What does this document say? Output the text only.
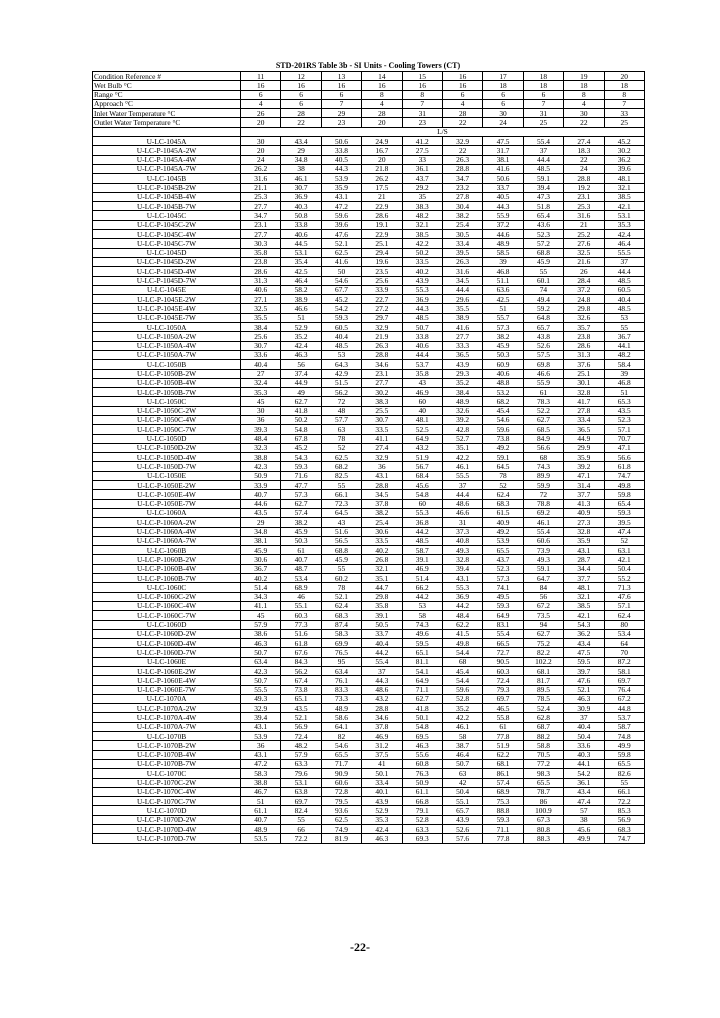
STD-201RS Table 3b - SI Units - Cooling Towers (CT)
Condition Reference #	11	12	13	14	15	16	17	18	19	20
Wet Bulb °C	16	16	16	16	16	16	18	18	18	18
Range °C	6	6	6	8	8	6	6	6	8	8
Approach °C	4	6	7	4	7	4	6	7	4	7
Inlet Water Temperature °C	26	28	29	28	31	28	30	31	30	33
Outlet Water Temperature °C	20	22	23	20	23	22	24	25	22	25
	L/S									
U-LC-1045A	30	43.4	50.6	24.9	41.2	32.9	47.5	55.4	27.4	45.2
U-LC-P-1045A-2W	20	29	33.8	16.7	27.5	22	31.7	37	18.3	30.2
U-LC-P-1045A-4W	24	34.8	40.5	20	33	26.3	38.1	44.4	22	36.2
U-LC-P-1045A-7W	26.2	38	44.3	21.8	36.1	28.8	41.6	48.5	24	39.6
U-LC-1045B	31.6	46.1	53.9	26.2	43.7	34.7	50.6	59.1	28.8	48.1
U-LC-P-1045B-2W	21.1	30.7	35.9	17.5	29.2	23.2	33.7	39.4	19.2	32.1
U-LC-P-1045B-4W	25.3	36.9	43.1	21	35	27.8	40.5	47.3	23.1	38.5
U-LC-P-1045B-7W	27.7	40.3	47.2	22.9	38.3	30.4	44.3	51.8	25.3	42.1
U-LC-1045C	34.7	50.8	59.6	28.6	48.2	38.2	55.9	65.4	31.6	53.1
U-LC-P-1045C-2W	23.1	33.8	39.6	19.1	32.1	25.4	37.2	43.6	21	35.3
U-LC-P-1045C-4W	27.7	40.6	47.6	22.9	38.5	30.5	44.6	52.3	25.2	42.4
U-LC-P-1045C-7W	30.3	44.5	52.1	25.1	42.2	33.4	48.9	57.2	27.6	46.4
U-LC-1045D	35.8	53.1	62.5	29.4	50.2	39.5	58.5	68.8	32.5	55.5
U-LC-P-1045D-2W	23.8	35.4	41.6	19.6	33.5	26.3	39	45.9	21.6	37
U-LC-P-1045D-4W	28.6	42.5	50	23.5	40.2	31.6	46.8	55	26	44.4
U-LC-P-1045D-7W	31.3	46.4	54.6	25.6	43.9	34.5	51.1	60.1	28.4	48.5
U-LC-1045E	40.6	58.2	67.7	33.9	55.3	44.4	63.6	74	37.2	60.5
U-LC-P-1045E-2W	27.1	38.9	45.2	22.7	36.9	29.6	42.5	49.4	24.8	40.4
U-LC-P-1045E-4W	32.5	46.6	54.2	27.2	44.3	35.5	51	59.2	29.8	48.5
U-LC-P-1045E-7W	35.5	51	59.3	29.7	48.5	38.9	55.7	64.8	32.6	53
U-LC-1050A	38.4	52.9	60.5	32.9	50.7	41.6	57.3	65.7	35.7	55
U-LC-P-1050A-2W	25.6	35.2	40.4	21.9	33.8	27.7	38.2	43.8	23.8	36.7
U-LC-P-1050A-4W	30.7	42.4	48.5	26.3	40.6	33.3	45.9	52.6	28.6	44.1
U-LC-P-1050A-7W	33.6	46.3	53	28.8	44.4	36.5	50.3	57.5	31.3	48.2
U-LC-1050B	40.4	56	64.3	34.6	53.7	43.9	60.9	69.8	37.6	58.4
U-LC-P-1050B-2W	27	37.4	42.9	23.1	35.8	29.3	40.6	46.6	25.1	39
U-LC-P-1050B-4W	32.4	44.9	51.5	27.7	43	35.2	48.8	55.9	30.1	46.8
U-LC-P-1050B-7W	35.3	49	56.2	30.2	46.9	38.4	53.2	61	32.8	51
U-LC-1050C	45	62.7	72	38.3	60	48.9	68.2	78.3	41.7	65.3
U-LC-P-1050C-2W	30	41.8	48	25.5	40	32.6	45.4	52.2	27.8	43.5
U-LC-P-1050C-4W	36	50.2	57.7	30.7	48.1	39.2	54.6	62.7	33.4	52.3
U-LC-P-1050C-7W	39.3	54.8	63	33.5	52.5	42.8	59.6	68.5	36.5	57.1
U-LC-1050D	48.4	67.8	78	41.1	64.9	52.7	73.8	84.9	44.9	70.7
U-LC-P-1050D-2W	32.3	45.2	52	27.4	43.2	35.1	49.2	56.6	29.9	47.1
U-LC-P-1050D-4W	38.8	54.3	62.5	32.9	51.9	42.2	59.1	68	35.9	56.6
U-LC-P-1050D-7W	42.3	59.3	68.2	36	56.7	46.1	64.5	74.3	39.2	61.8
U-LC-1050E	50.9	71.6	82.5	43.1	68.4	55.5	78	89.9	47.1	74.7
U-LC-P-1050E-2W	33.9	47.7	55	28.8	45.6	37	52	59.9	31.4	49.8
U-LC-P-1050E-4W	40.7	57.3	66.1	34.5	54.8	44.4	62.4	72	37.7	59.8
U-LC-P-1050E-7W	44.6	62.7	72.3	37.8	60	48.6	68.3	78.8	41.3	65.4
U-LC-1060A	43.5	57.4	64.5	38.2	55.3	46.6	61.5	69.2	40.9	59.3
U-LC-P-1060A-2W	29	38.2	43	25.4	36.8	31	40.9	46.1	27.3	39.5
U-LC-P-1060A-4W	34.8	45.9	51.6	30.6	44.2	37.3	49.2	55.4	32.8	47.4
U-LC-P-1060A-7W	38.1	50.3	56.5	33.5	48.5	40.8	53.9	60.6	35.9	52
U-LC-1060B	45.9	61	68.8	40.2	58.7	49.3	65.5	73.9	43.1	63.1
U-LC-P-1060B-2W	30.6	40.7	45.9	26.8	39.1	32.8	43.7	49.3	28.7	42.1
U-LC-P-1060B-4W	36.7	48.7	55	32.1	46.9	39.4	52.3	59.1	34.4	50.4
U-LC-P-1060B-7W	40.2	53.4	60.2	35.1	51.4	43.1	57.3	64.7	37.7	55.2
U-LC-1060C	51.4	68.9	78	44.7	66.2	55.3	74.1	84	48.1	71.3
U-LC-P-1060C-2W	34.3	46	52.1	29.8	44.2	36.9	49.5	56	32.1	47.6
U-LC-P-1060C-4W	41.1	55.1	62.4	35.8	53	44.2	59.3	67.2	38.5	57.1
U-LC-P-1060C-7W	45	60.3	68.3	39.1	58	48.4	64.9	73.5	42.1	62.4
U-LC-1060D	57.9	77.3	87.4	50.5	74.3	62.2	83.1	94	54.3	80
U-LC-P-1060D-2W	38.6	51.6	58.3	33.7	49.6	41.5	55.4	62.7	36.2	53.4
U-LC-P-1060D-4W	46.3	61.8	69.9	40.4	59.5	49.8	66.5	75.2	43.4	64
U-LC-P-1060D-7W	50.7	67.6	76.5	44.2	65.1	54.4	72.7	82.2	47.5	70
U-LC-1060E	63.4	84.3	95	55.4	81.1	68	90.5	102.2	59.5	87.2
U-LC-P-1060E-2W	42.3	56.2	63.4	37	54.1	45.4	60.3	68.1	39.7	58.1
U-LC-P-1060E-4W	50.7	67.4	76.1	44.3	64.9	54.4	72.4	81.7	47.6	69.7
U-LC-P-1060E-7W	55.5	73.8	83.3	48.6	71.1	59.6	79.3	89.5	52.1	76.4
U-LC-1070A	49.3	65.1	73.3	43.2	62.7	52.8	69.7	78.5	46.3	67.2
U-LC-P-1070A-2W	32.9	43.5	48.9	28.8	41.8	35.2	46.5	52.4	30.9	44.8
U-LC-P-1070A-4W	39.4	52.1	58.6	34.6	50.1	42.2	55.8	62.8	37	53.7
U-LC-P-1070A-7W	43.1	56.9	64.1	37.8	54.8	46.1	61	68.7	40.4	58.7
U-LC-1070B	53.9	72.4	82	46.9	69.5	58	77.8	88.2	50.4	74.8
U-LC-P-1070B-2W	36	48.2	54.6	31.2	46.3	38.7	51.9	58.8	33.6	49.9
U-LC-P-1070B-4W	43.1	57.9	65.5	37.5	55.6	46.4	62.2	70.5	40.3	59.8
U-LC-P-1070B-7W	47.2	63.3	71.7	41	60.8	50.7	68.1	77.2	44.1	65.5
U-LC-1070C	58.3	79.6	90.9	50.1	76.3	63	86.1	98.3	54.2	82.6
U-LC-P-1070C-2W	38.8	53.1	60.6	33.4	50.9	42	57.4	65.5	36.1	55
U-LC-P-1070C-4W	46.7	63.8	72.8	40.1	61.1	50.4	68.9	78.7	43.4	66.1
U-LC-P-1070C-7W	51	69.7	79.5	43.9	66.8	55.1	75.3	86	47.4	72.2
U-LC-1070D	61.1	82.4	93.6	52.9	79.1	65.7	88.8	100.9	57	85.3
U-LC-P-1070D-2W	40.7	55	62.5	35.3	52.8	43.9	59.3	67.3	38	56.9
U-LC-P-1070D-4W	48.9	66	74.9	42.4	63.3	52.6	71.1	80.8	45.6	68.3
U-LC-P-1070D-7W	53.5	72.2	81.9	46.3	69.3	57.6	77.8	88.3	49.9	74.7
-22-
